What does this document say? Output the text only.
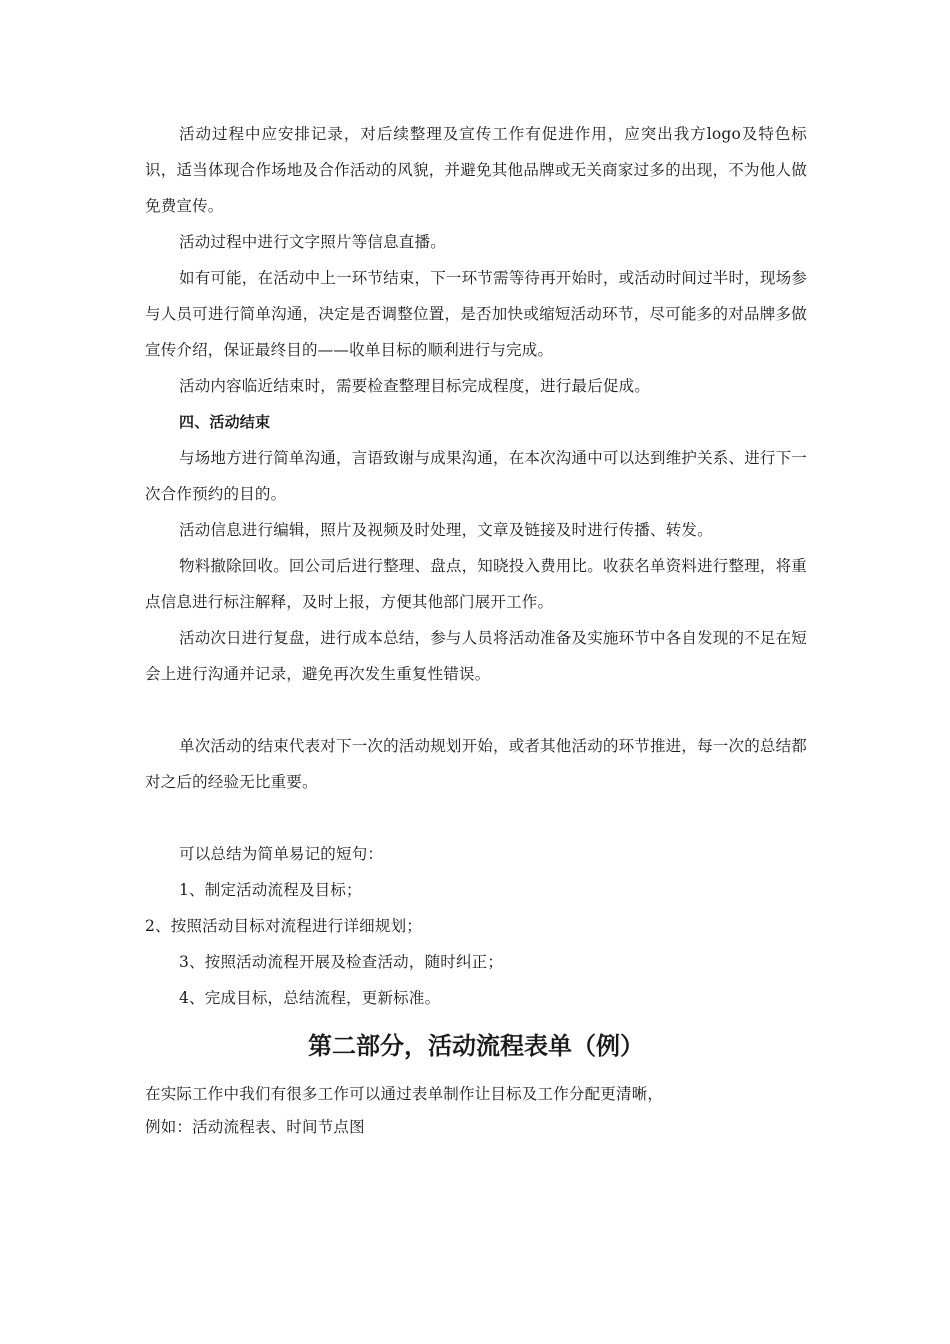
活动过程中应安排记录，对后续整理及宣传工作有促进作用，应突出我方logo及特色标识，适当体现合作场地及合作活动的风貌，并避免其他品牌或无关商家过多的出现，不为他人做免费宣传。

活动过程中进行文字照片等信息直播。

如有可能，在活动中上一环节结束，下一环节需等待再开始时，或活动时间过半时，现场参与人员可进行简单沟通，决定是否调整位置，是否加快或缩短活动环节，尽可能多的对品牌多做宣传介绍，保证最终目的——收单目标的顺利进行与完成。

活动内容临近结束时，需要检查整理目标完成程度，进行最后促成。

四、活动结束

与场地方进行简单沟通，言语致谢与成果沟通，在本次沟通中可以达到维护关系、进行下一次合作预约的目的。

活动信息进行编辑，照片及视频及时处理，文章及链接及时进行传播、转发。

物料撤除回收。回公司后进行整理、盘点，知晓投入费用比。收获名单资料进行整理，将重点信息进行标注解释，及时上报，方便其他部门展开工作。

活动次日进行复盘，进行成本总结，参与人员将活动准备及实施环节中各自发现的不足在短会上进行沟通并记录，避免再次发生重复性错误。

单次活动的结束代表对下一次的活动规划开始，或者其他活动的环节推进，每一次的总结都对之后的经验无比重要。

可以总结为简单易记的短句：

1、制定活动流程及目标；

2、按照活动目标对流程进行详细规划；

3、按照活动流程开展及检查活动，随时纠正；

4、完成目标，总结流程，更新标准。

第二部分，活动流程表单（例）

在实际工作中我们有很多工作可以通过表单制作让目标及工作分配更清晰，

例如：活动流程表、时间节点图
